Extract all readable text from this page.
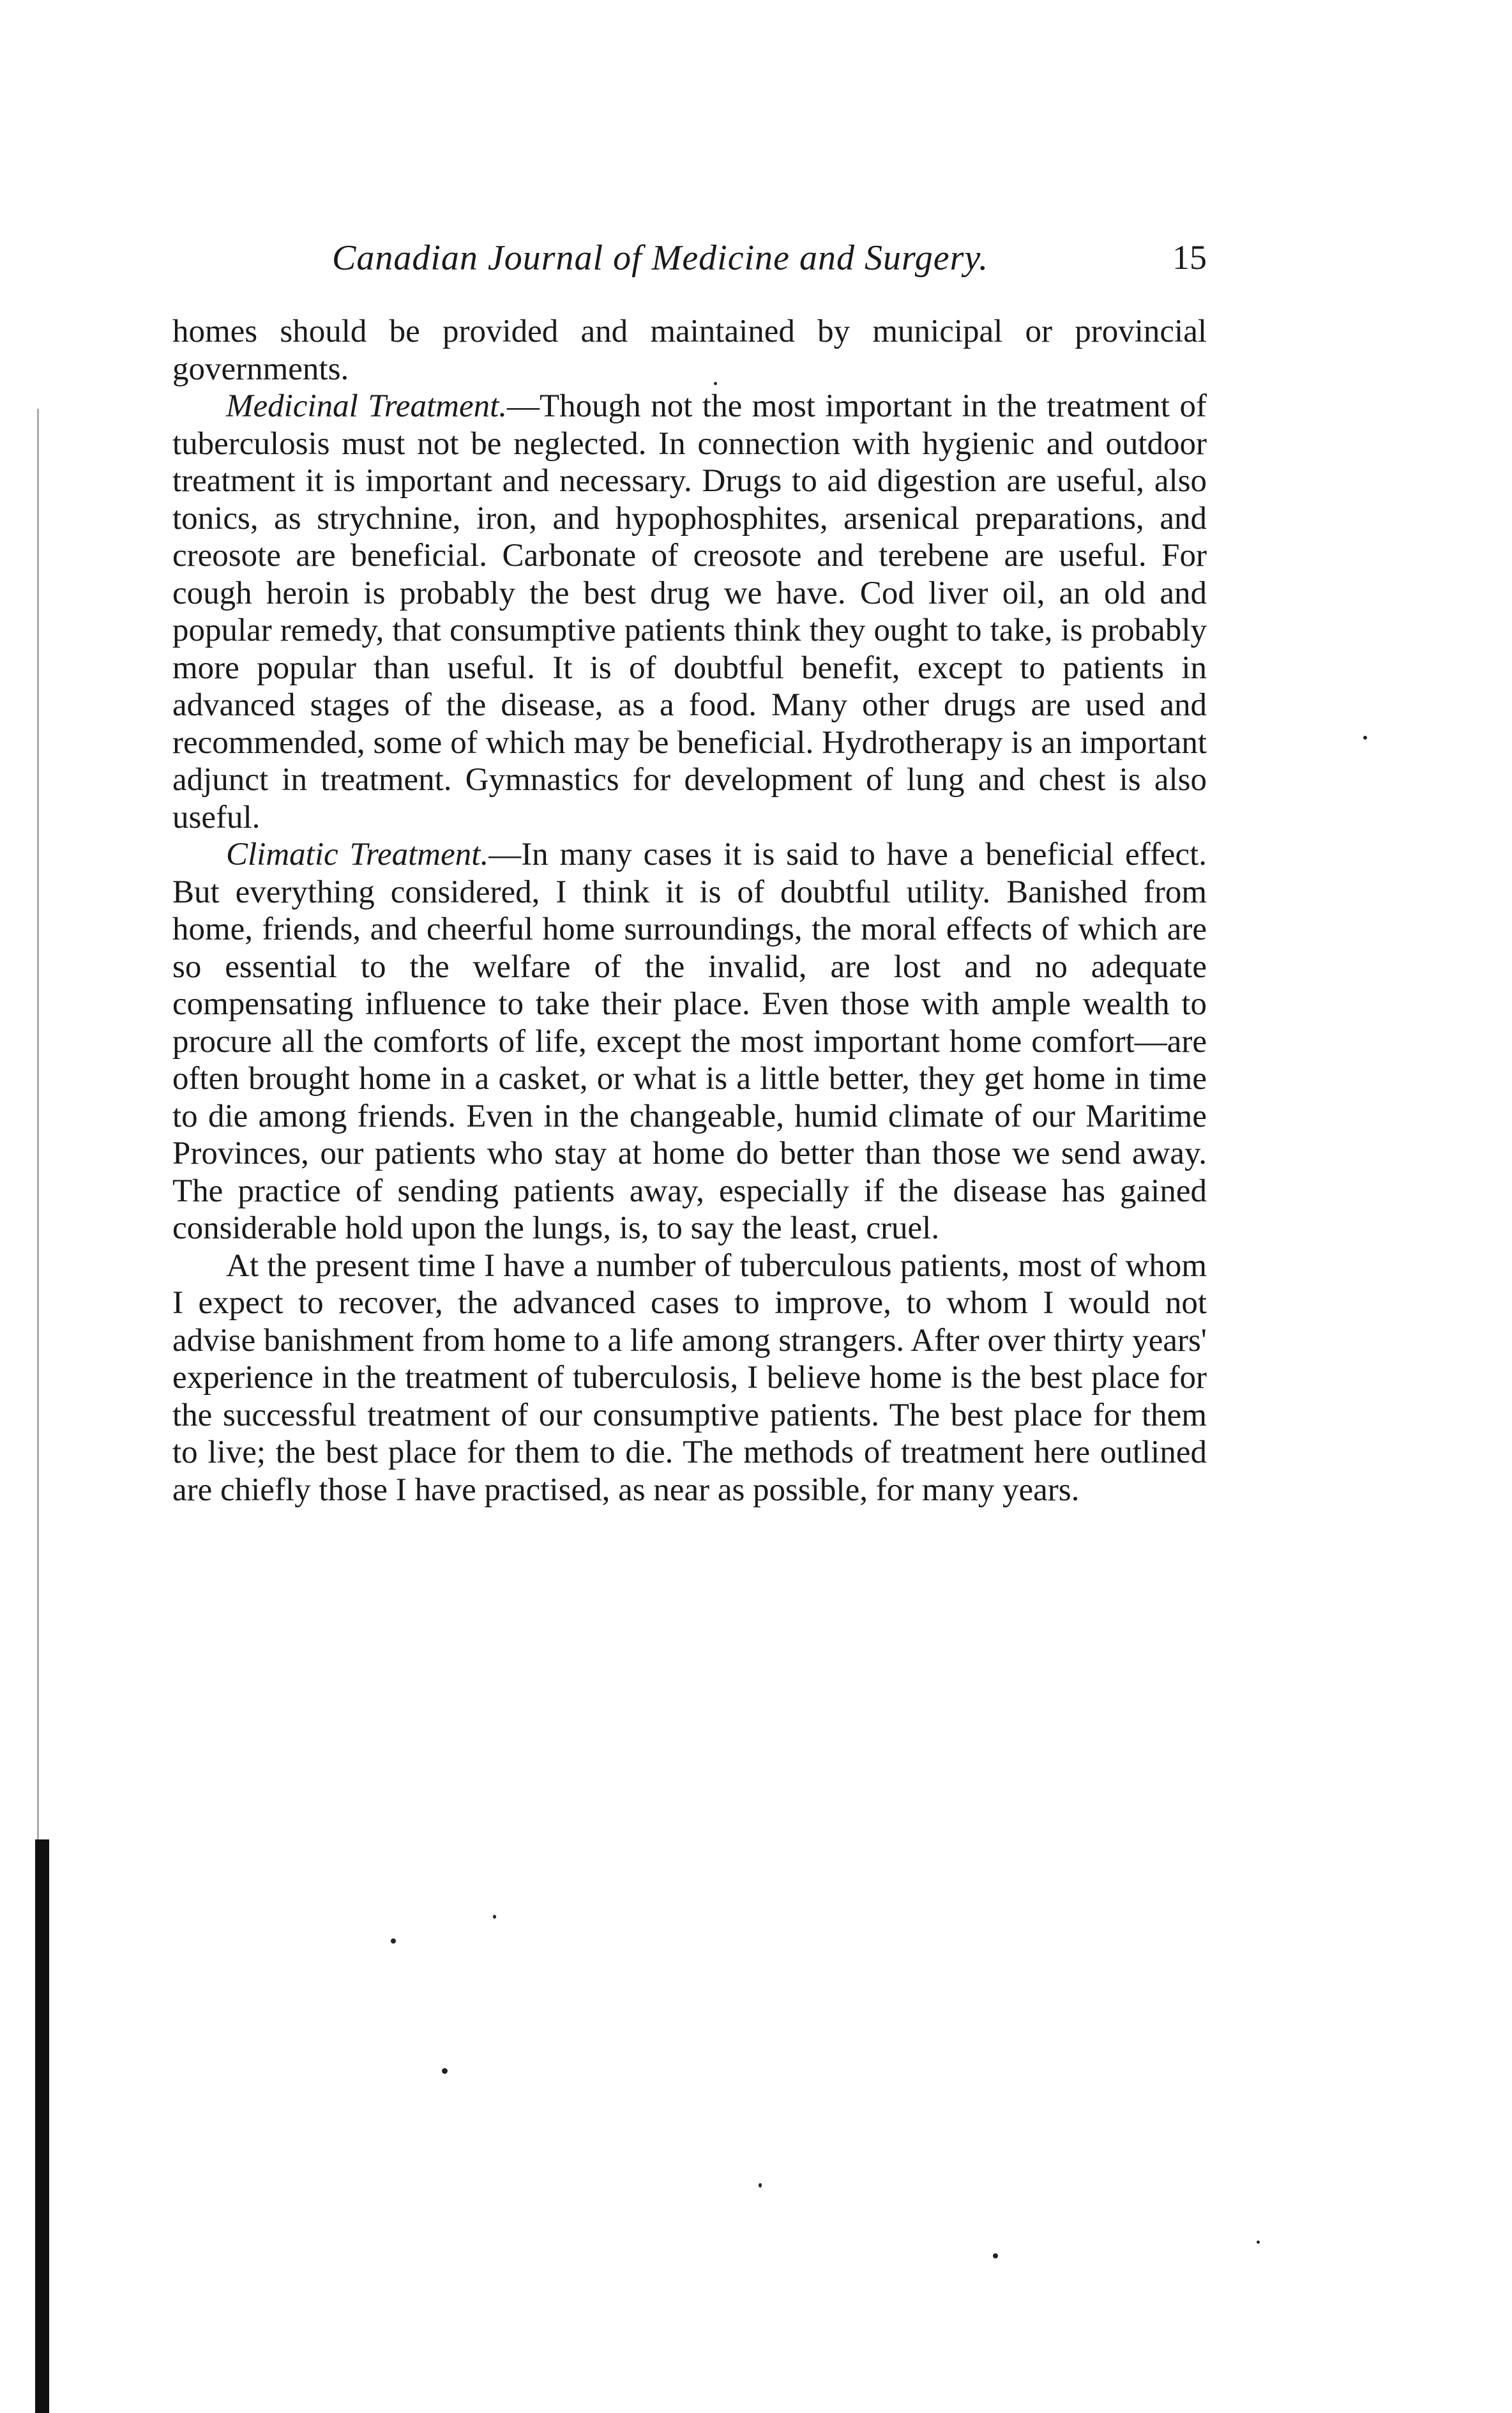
Canadian Journal of Medicine and Surgery.	15

homes should be provided and maintained by municipal or provincial governments.

Medicinal Treatment.—Though not the most important in the treatment of tuberculosis must not be neglected. In connection with hygienic and outdoor treatment it is important and necessary. Drugs to aid digestion are useful, also tonics, as strychnine, iron, and hypophosphites, arsenical preparations, and creosote are beneficial. Carbonate of creosote and terebene are useful. For cough heroin is probably the best drug we have. Cod liver oil, an old and popular remedy, that consumptive patients think they ought to take, is probably more popular than useful. It is of doubtful benefit, except to patients in advanced stages of the disease, as a food. Many other drugs are used and recommended, some of which may be beneficial. Hydrotherapy is an important adjunct in treatment. Gymnastics for development of lung and chest is also useful.

Climatic Treatment.—In many cases it is said to have a beneficial effect. But everything considered, I think it is of doubtful utility. Banished from home, friends, and cheerful home surroundings, the moral effects of which are so essential to the welfare of the invalid, are lost and no adequate compensating influence to take their place. Even those with ample wealth to procure all the comforts of life, except the most important home comfort—are often brought home in a casket, or what is a little better, they get home in time to die among friends. Even in the changeable, humid climate of our Maritime Provinces, our patients who stay at home do better than those we send away. The practice of sending patients away, especially if the disease has gained considerable hold upon the lungs, is, to say the least, cruel.

At the present time I have a number of tuberculous patients, most of whom I expect to recover, the advanced cases to improve, to whom I would not advise banishment from home to a life among strangers. After over thirty years' experience in the treatment of tuberculosis, I believe home is the best place for the successful treatment of our consumptive patients. The best place for them to live; the best place for them to die. The methods of treatment here outlined are chiefly those I have practised, as near as possible, for many years.
